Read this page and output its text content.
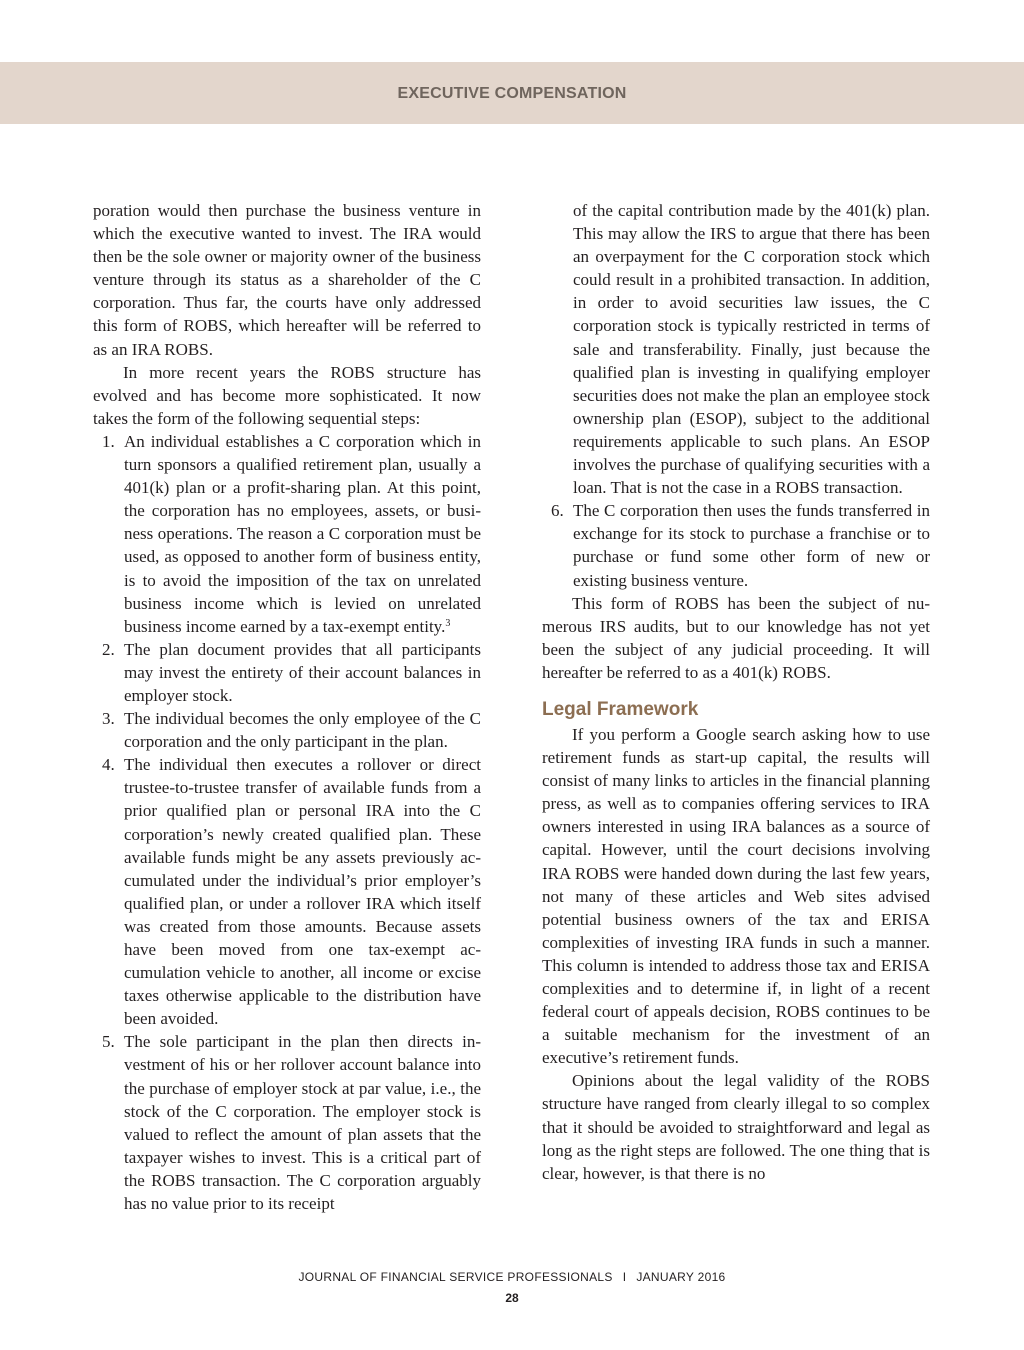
EXECUTIVE COMPENSATION

poration would then purchase the business venture in which the executive wanted to invest. The IRA would then be the sole owner or majority owner of the business venture through its status as a shareholder of the C corporation. Thus far, the courts have only addressed this form of ROBS, which hereafter will be referred to as an IRA ROBS.

In more recent years the ROBS structure has evolved and has become more sophisticated. It now takes the form of the following sequential steps:

1. An individual establishes a C corporation which in turn sponsors a qualified retirement plan, usually a 401(k) plan or a profit-sharing plan. At this point, the corporation has no employees, assets, or business operations. The reason a C corporation must be used, as opposed to another form of business entity, is to avoid the imposition of the tax on unrelated business income which is levied on unrelated business income earned by a tax-exempt entity.$^3$
2. The plan document provides that all participants may invest the entirety of their account balances in employer stock.
3. The individual becomes the only employee of the C corporation and the only participant in the plan.
4. The individual then executes a rollover or direct trustee-to-trustee transfer of available funds from a prior qualified plan or personal IRA into the C corporation’s newly created qualified plan. These available funds might be any assets previously accumulated under the individual’s prior employer’s qualified plan, or under a rollover IRA which itself was created from those amounts. Because assets have been moved from one tax-exempt accumulation vehicle to another, all income or excise taxes otherwise applicable to the distribution have been avoided.
5. The sole participant in the plan then directs investment of his or her rollover account balance into the purchase of employer stock at par value, i.e., the stock of the C corporation. The employer stock is valued to reflect the amount of plan assets that the taxpayer wishes to invest. This is a critical part of the ROBS transaction. The C corporation arguably has no value prior to its receipt
of the capital contribution made by the 401(k) plan. This may allow the IRS to argue that there has been an overpayment for the C corporation stock which could result in a prohibited transaction. In addition, in order to avoid securities law issues, the C corporation stock is typically restricted in terms of sale and transferability. Finally, just because the qualified plan is investing in qualifying employer securities does not make the plan an employee stock ownership plan (ESOP), subject to the additional requirements applicable to such plans. An ESOP involves the purchase of qualifying securities with a loan. That is not the case in a ROBS transaction.
6. The C corporation then uses the funds transferred in exchange for its stock to purchase a franchise or to purchase or fund some other form of new or existing business venture.

This form of ROBS has been the subject of numerous IRS audits, but to our knowledge has not yet been the subject of any judicial proceeding. It will hereafter be referred to as a 401(k) ROBS.

Legal Framework

If you perform a Google search asking how to use retirement funds as start-up capital, the results will consist of many links to articles in the financial planning press, as well as to companies offering services to IRA owners interested in using IRA balances as a source of capital. However, until the court decisions involving IRA ROBS were handed down during the last few years, not many of these articles and Web sites advised potential business owners of the tax and ERISA complexities of investing IRA funds in such a manner. This column is intended to address those tax and ERISA complexities and to determine if, in light of a recent federal court of appeals decision, ROBS continues to be a suitable mechanism for the investment of an executive’s retirement funds.

Opinions about the legal validity of the ROBS structure have ranged from clearly illegal to so complex that it should be avoided to straightforward and legal as long as the right steps are followed. The one thing that is clear, however, is that there is no

JOURNAL OF FINANCIAL SERVICE PROFESSIONALS I JANUARY 2016
28
